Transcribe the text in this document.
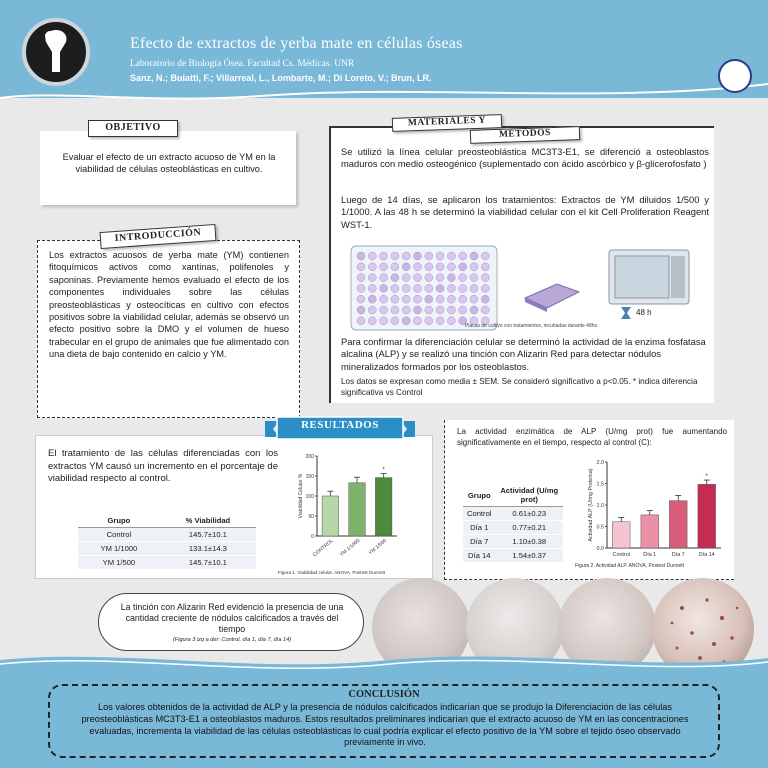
Efecto de extractos de yerba mate en células óseas
Laboratorio de Biología Ósea. Facultad Cs. Médicas. UNR
Sanz, N.; Buiatti, F.; Villarreal, L., Lombarte, M.; Di Loreto, V.; Brun, LR.
Evaluar el efecto de un extracto acuoso de YM en la viabilidad de células osteoblásticas en cultivo.
OBJETIVO
Los extractos acuosos de yerba mate (YM) contienen fitoquímicos activos como xantinas, polifenoles y saponinas. Previamente hemos evaluado el efecto de los componentes individuales sobre las células preosteoblásticas y osteocíticas en cultivo con efectos positivos sobre la viabilidad celular, además se observó un efecto positivo sobre la DMO y el volumen de hueso trabecular en el grupo de animales que fue alimentado con una dieta de bajo contenido en calcio y YM.
INTRODUCCIÓN
Se utilizó la línea celular preosteoblástica MC3T3-E1, se diferenció a osteoblastos maduros con medio osteogénico (suplementado con ácido ascórbico y β-glicerofosfato )
Luego de 14 días, se aplicaron los tratamientos: Extractos de YM diluidos 1/500 y 1/1000. A las 48 h se determinó la viabilidad celular con el kit Cell Proliferation Reagent WST-1.
48 h
Placas de cultivo con tratamientos, incubadas durante 48hs.
Para confirmar la diferenciación celular se determinó la actividad de la enzima fosfatasa alcalina (ALP) y se realizó una tinción con Alizarin Red para detectar nódulos mineralizados formados por los osteoblastos.
Los datos se expresan como media ± SEM. Se consideró significativo a p<0.05. * indica diferencia significativa vs Control
MATERIALES Y
MÉTODOS
El tratamiento de las células diferenciadas con los extractos YM causó un incremento en el porcentaje de viabilidad respecto al control.
Grupo	% Viabilidad
Control	145.7±10.1
YM 1/1000	133.1±14.3
YM 1/500	145.7±10.1
0
50
100
150
200
Viabilidad Celular %
CONTROL YM 1/1000
*
YM 1/500
Figura 1. Viabilidad celular. ANOVA, Postest Dunnett
RESULTADOS
La actividad enzimática de ALP (U/mg prot) fue aumentando significativamente en el tiempo, respecto al control (C):
Grupo	Actividad (U/mg prot)
Control	0.61±0.23
Día 1	0.77±0.21
Día 7	1.10±0.38
Día 14	1.54±0.37
0.0
0.5
1.0
1.5
2.0
Actividad ALP (U/mg Proteína)
Control Día 1	Día 7
*
Día 14
Figura 2. Actividad ALP. ANOVA, Postest Dunnett
La tinción con Alizarin Red evidenció la presencia de una cantidad creciente de nódulos calcificados a través del tiempo
(Figura 3 izq a der: Control, día 1, día 7, día 14)
CONCLUSIÓN
Los valores obtenidos de la actividad de ALP y la presencia de nódulos calcificados indicarían que se produjo la Diferenciación de las células preosteoblásticas MC3T3-E1 a osteoblastos maduros. Estos resultados preliminares indicarían que el extracto acuoso de YM en las concentraciones evaluadas, incrementa la viabilidad de las células osteoblásticas lo cual podría explicar el efecto positivo de la YM sobre el tejido óseo observado previamente in vivo.
